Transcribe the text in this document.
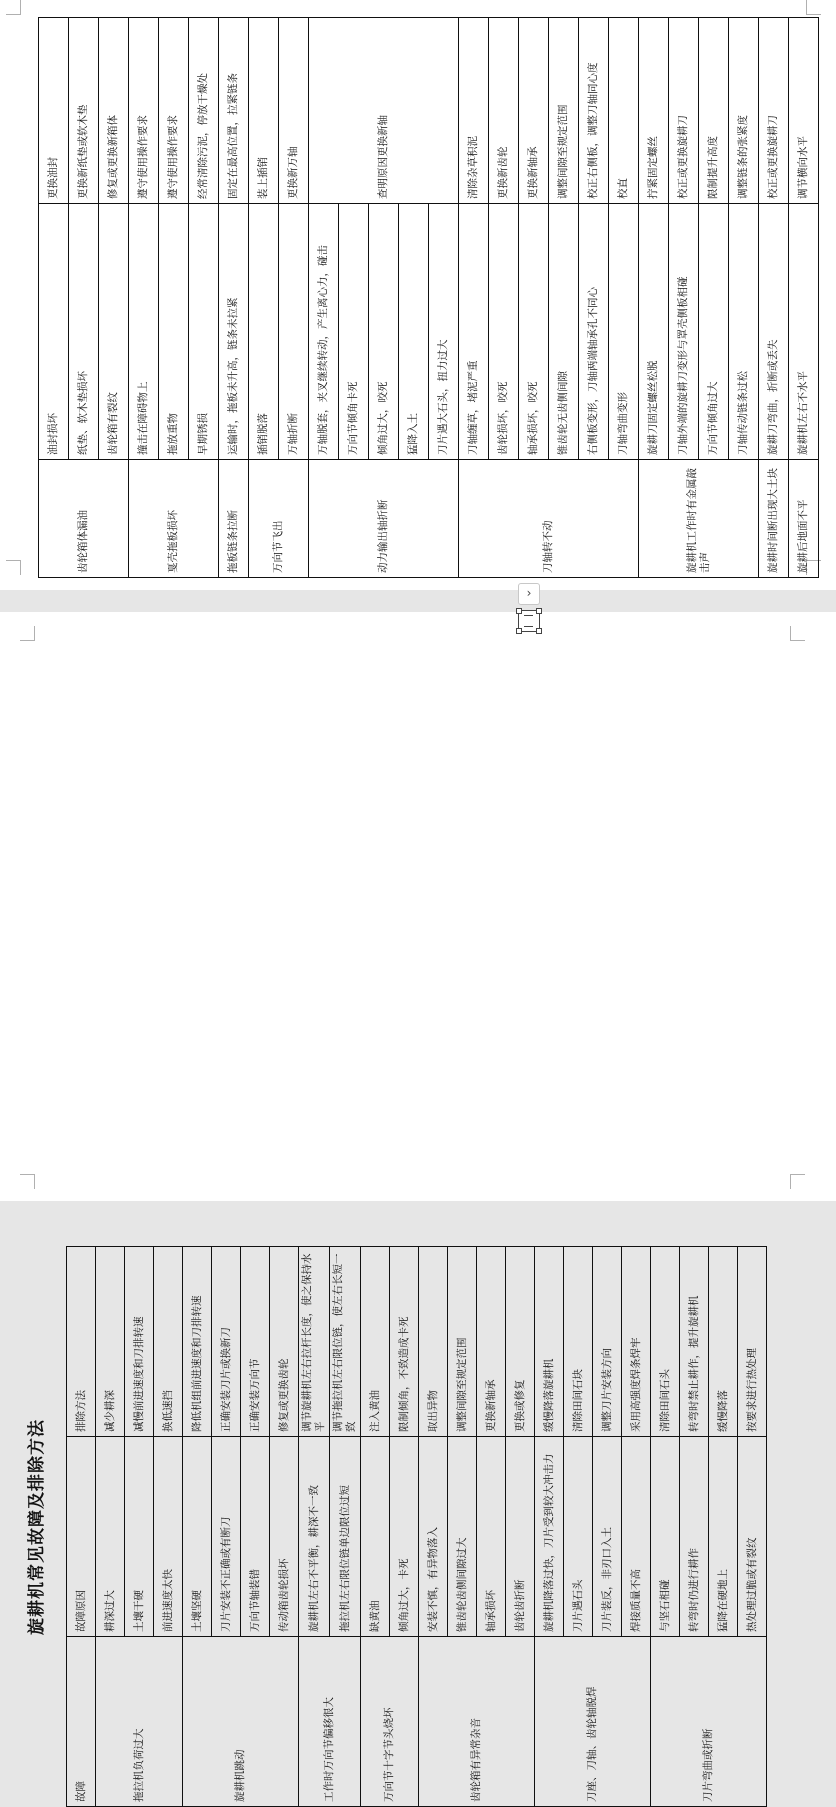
齿轮箱体漏油	油封损坏	更换油封
	纸垫、软木垫损坏	更换新纸垫或软木垫
	齿轮箱有裂纹	修复或更换新箱体
戛壳拖板损坏	撞击在障碍物上	遵守使用操作要求
	拖放重物	遵守使用操作要求
	早期锈损	经常清除污泥，停放干燥处
拖板链条拉断	运输时，拖板未升高，链条未拉紧	固定在最高位置，拉紧链条
万向节飞出	插销脱落	装上插销
	万轴折断	更换新万轴
动力输出轴折断	万轴脱套，夹叉继续转动，产生离心力，碰击	查明原因更换新轴
	万向节倾角卡死	
	倾角过大，咬死	
	猛降入土	
	刀片遇大石头，扭力过大	
刀轴转不动	刀轴缠草，堵泥严重	清除杂草积泥
	齿轮损坏，咬死	更换新齿轮
	轴承损坏，咬死	更换新轴承
	锥齿轮无齿侧间隙	调整间隙至规定范围
	右侧板变形，刀轴两端轴承孔不同心	校正右侧板，调整刀轴同心度
	刀轴弯曲变形	校直
旋耕机工作时有金属敲击声	旋耕刀固定螺丝松脱	拧紧固定螺丝
	刀轴外端的旋耕刀变形与罩壳侧板相碰	校正或更换旋耕刀
	万向节倾角过大	限制提升高度
	刀轴传动链条过松	调整链条的张紧度
旋耕时间断出现大土块	旋耕刀弯曲，折断或丢失	校正或更换旋耕刀
旋耕后地面不平	旋耕机左右不水平	调节横向水平
›
旋耕机常见故障及排除方法
故障	故障原因	排除方法
拖拉机负荷过大	耕深过大	减少耕深
	土壤干硬	减慢前进速度和刀排转速
	前进速度太快	换低速挡
旋耕机跳动	土壤坚硬	降低机组前进速度和刀排转速
	刀片安装不正确或有断刀	正确安装刀片或换新刀
	万向节轴装错	正确安装万向节
	传动箱齿轮损坏	修复或更换齿轮
工作时万向节偏移很大	旋耕机左右不平衡，耕深不一致	调节旋耕机左右拉杆长度，使之保持水平
	拖拉机左右限位链单边限位过短	调节拖拉机左右限位链，使左右长短一致
万向节十字节头烧坏	缺黄油	注入黄油
	倾角过大，卡死	限制倾角，不致造成卡死
齿轮箱有异常杂音	安装不慎，有异物落入	取出异物
	锥齿轮齿侧间隙过大	调整间隙至规定范围
	轴承损坏	更换新轴承
	齿轮齿折断	更换或修复
刀座、刀轴、齿轮轴脱焊	旋耕机降落过快，刀片受到较大冲击力	缓慢降落旋耕机
	刀片遇石头	清除田间石块
	刀片装反，非刃口入土	调整刀片安装方向
	焊接质量不高	采用高强度焊条焊牢
刀片弯曲或折断	与坚石相碰	清除田间石头
	转弯时仍进行耕作	转弯时禁止耕作，提升旋耕机
	猛降在硬地上	缓慢降落
	热处理过脆或有裂纹	按要求进行热处理
